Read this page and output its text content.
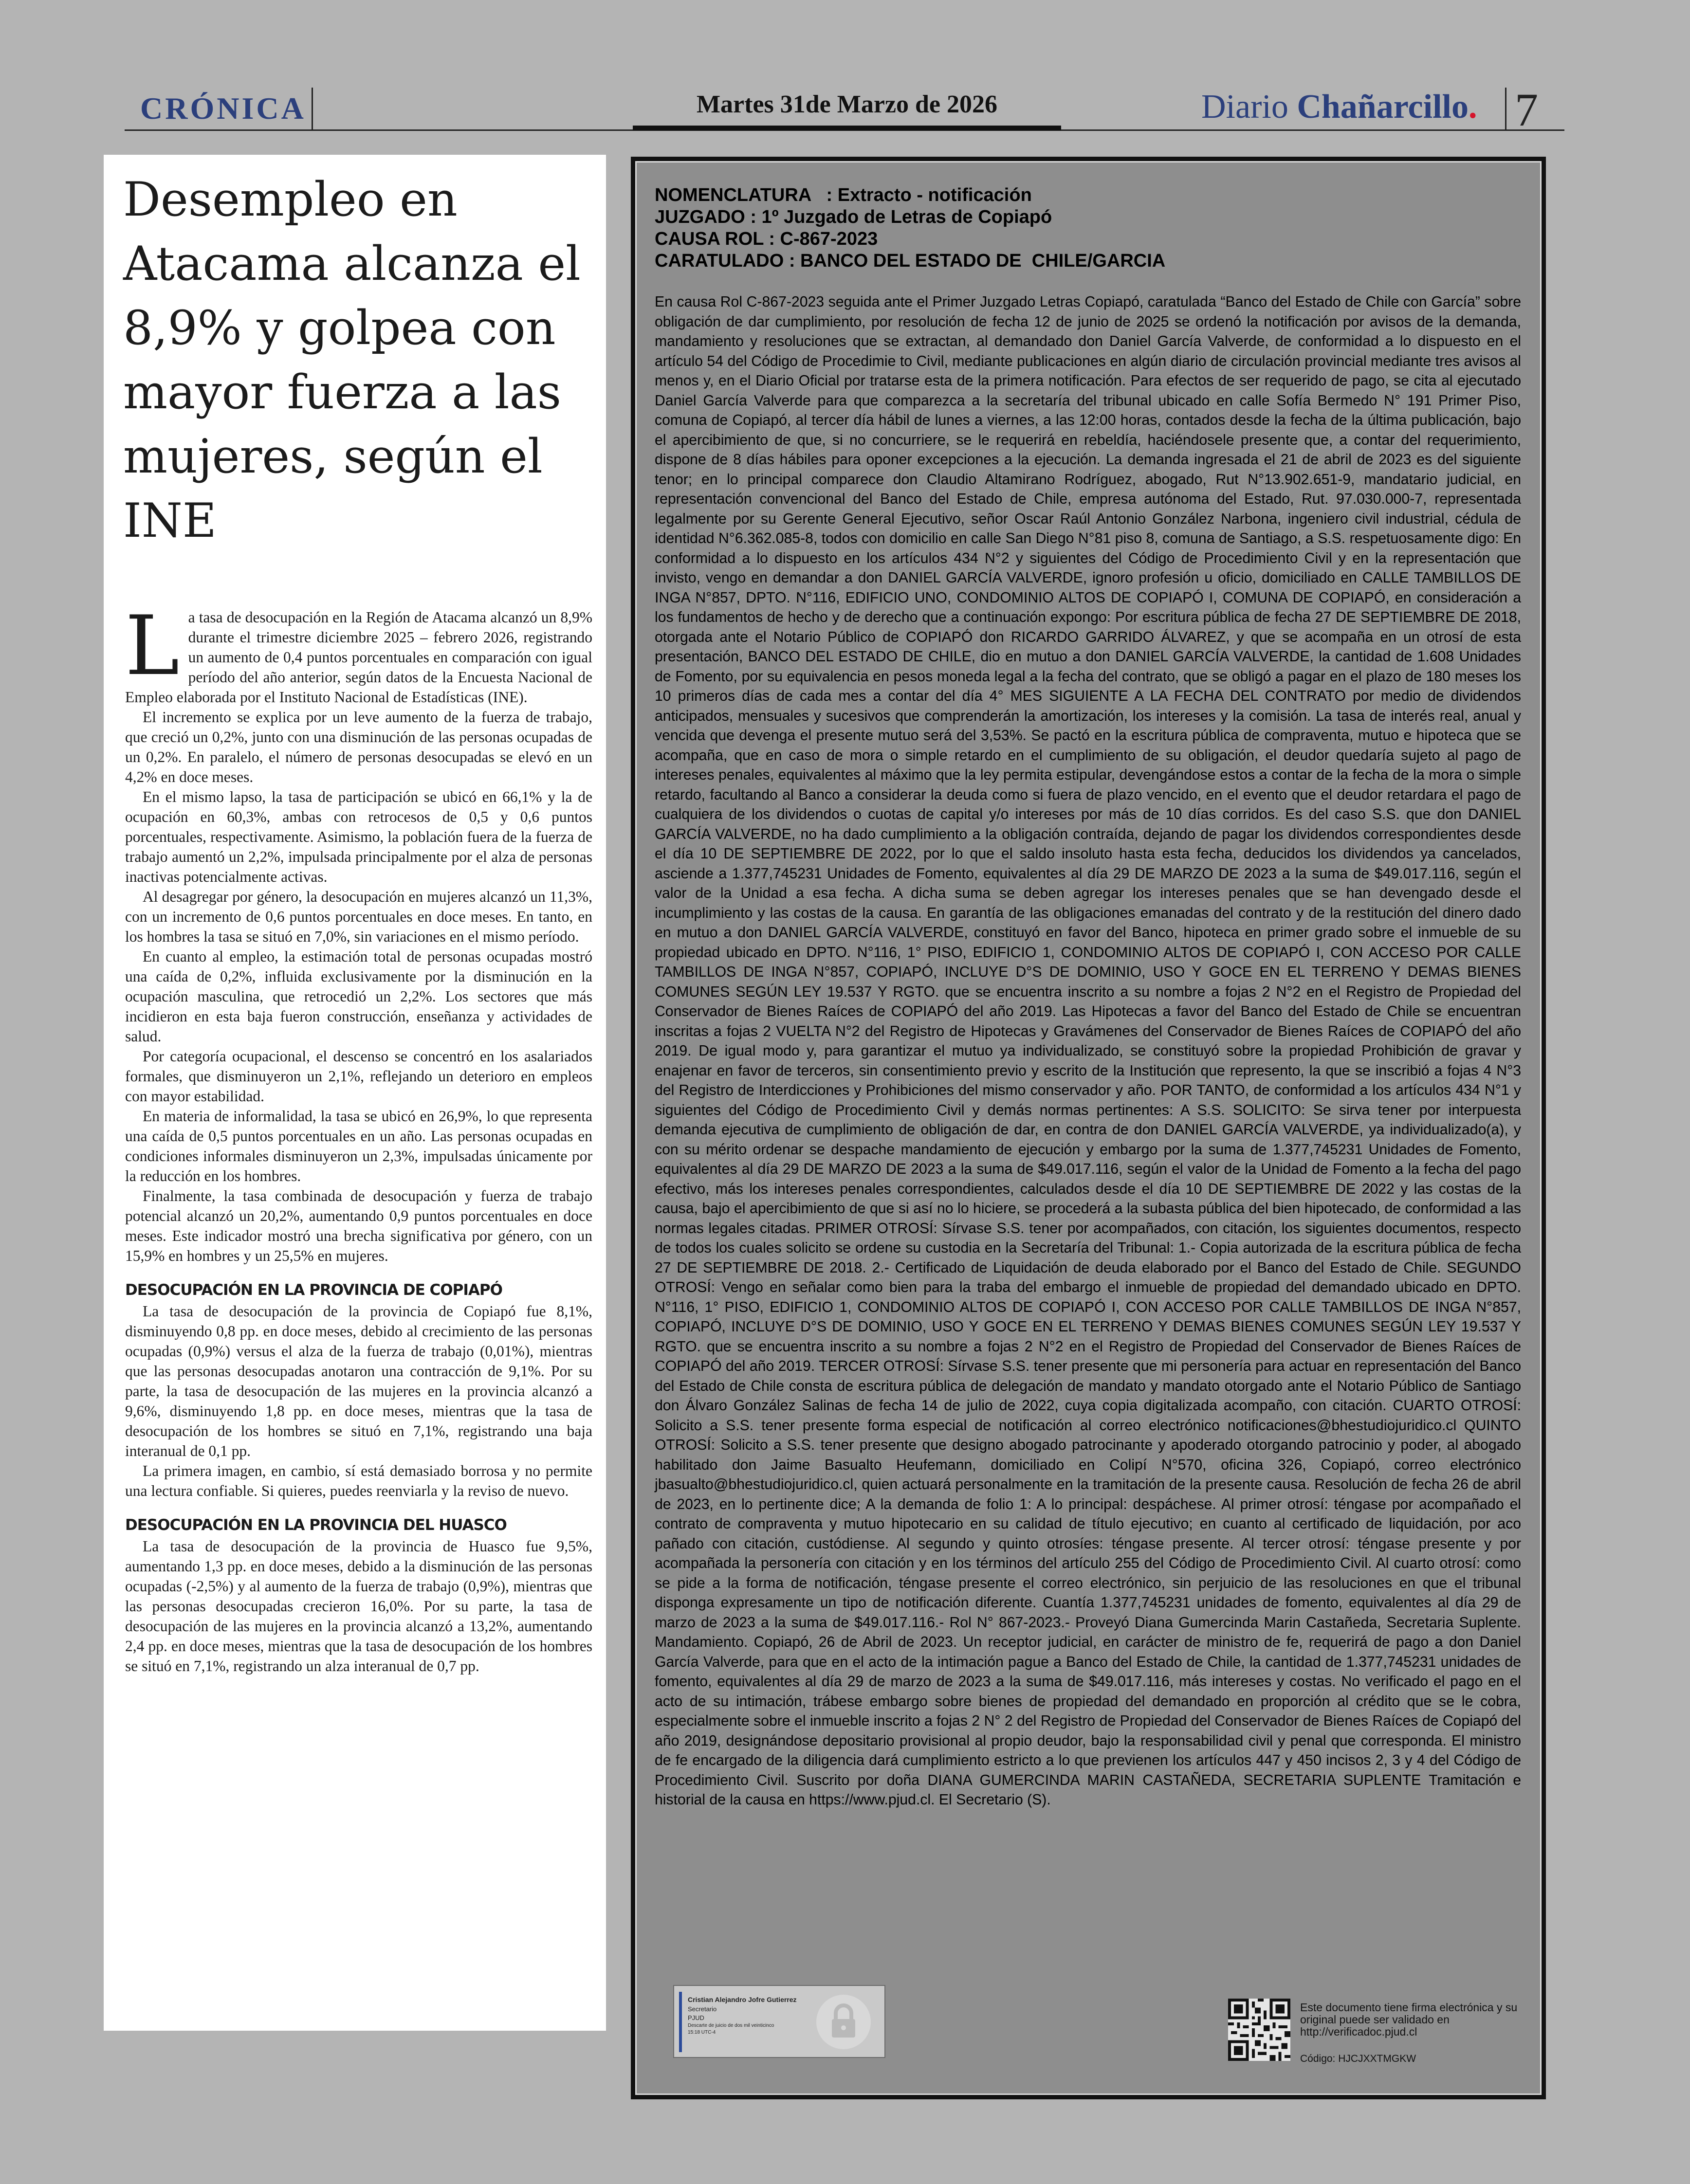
CRÓNICA	Martes 31de Marzo de 2026	Diario Chañarcillo. 7
Desempleo en Atacama alcanza el 8,9% y golpea con mayor fuerza a las mujeres, según el INE

La tasa de desocupación en la Región de Atacama alcanzó un 8,9% durante el trimestre diciembre 2025 – febrero 2026, registrando un aumento de 0,4 puntos porcentuales en comparación con igual período del año anterior, según datos de la Encuesta Nacional de Empleo elaborada por el Instituto Nacional de Estadísticas (INE).

El incremento se explica por un leve aumento de la fuerza de trabajo, que creció un 0,2%, junto con una disminución de las personas ocupadas de un 0,2%. En paralelo, el número de personas desocupadas se elevó en un 4,2% en doce meses.

En el mismo lapso, la tasa de participación se ubicó en 66,1% y la de ocupación en 60,3%, ambas con retrocesos de 0,5 y 0,6 puntos porcentuales, respectivamente. Asimismo, la población fuera de la fuerza de trabajo aumentó un 2,2%, impulsada principalmente por el alza de personas inactivas potencialmente activas.

Al desagregar por género, la desocupación en mujeres alcanzó un 11,3%, con un incremento de 0,6 puntos porcentuales en doce meses. En tanto, en los hombres la tasa se situó en 7,0%, sin variaciones en el mismo período.

En cuanto al empleo, la estimación total de personas ocupadas mostró una caída de 0,2%, influida exclusivamente por la disminución en la ocupación masculina, que retrocedió un 2,2%. Los sectores que más incidieron en esta baja fueron construcción, enseñanza y actividades de salud.

Por categoría ocupacional, el descenso se concentró en los asalariados formales, que disminuyeron un 2,1%, reflejando un deterioro en empleos con mayor estabilidad.

En materia de informalidad, la tasa se ubicó en 26,9%, lo que representa una caída de 0,5 puntos porcentuales en un año. Las personas ocupadas en condiciones informales disminuyeron un 2,3%, impulsadas únicamente por la reducción en los hombres.

Finalmente, la tasa combinada de desocupación y fuerza de trabajo potencial alcanzó un 20,2%, aumentando 0,9 puntos porcentuales en doce meses. Este indicador mostró una brecha significativa por género, con un 15,9% en hombres y un 25,5% en mujeres.

DESOCUPACIÓN EN LA PROVINCIA DE COPIAPÓ

La tasa de desocupación de la provincia de Copiapó fue 8,1%, disminuyendo 0,8 pp. en doce meses, debido al crecimiento de las personas ocupadas (0,9%) versus el alza de la fuerza de trabajo (0,01%), mientras que las personas desocupadas anotaron una contracción de 9,1%. Por su parte, la tasa de desocupación de las mujeres en la provincia alcanzó a 9,6%, disminuyendo 1,8 pp. en doce meses, mientras que la tasa de desocupación de los hombres se situó en 7,1%, registrando una baja interanual de 0,1 pp.

La primera imagen, en cambio, sí está demasiado borrosa y no permite una lectura confiable. Si quieres, puedes reenviarla y la reviso de nuevo.

DESOCUPACIÓN EN LA PROVINCIA DEL HUASCO

La tasa de desocupación de la provincia de Huasco fue 9,5%, aumentando 1,3 pp. en doce meses, debido a la disminución de las personas ocupadas (-2,5%) y al aumento de la fuerza de trabajo (0,9%), mientras que las personas desocupadas crecieron 16,0%. Por su parte, la tasa de desocupación de las mujeres en la provincia alcanzó a 13,2%, aumentando 2,4 pp. en doce meses, mientras que la tasa de desocupación de los hombres se situó en 7,1%, registrando un alza interanual de 0,7 pp.

NOMENCLATURA   : Extracto - notificación
JUZGADO : 1º Juzgado de Letras de Copiapó
CAUSA ROL : C-867-2023
CARATULADO : BANCO DEL ESTADO DE  CHILE/GARCIA
En causa Rol C-867-2023 seguida ante el Primer Juzgado Letras Copiapó, caratulada “Banco del Estado de Chile con García” sobre obligación de dar cumplimiento, por resolución de fecha 12 de junio de 2025 se ordenó la notificación por avisos de la demanda, mandamiento y resoluciones que se extractan, al demandado don Daniel García Valverde, de conformidad a lo dispuesto en el artículo 54 del Código de Procedimie to Civil, mediante publicaciones en algún diario de circulación provincial mediante tres avisos al menos y, en el Diario Oficial por tratarse esta de la primera notificación. Para efectos de ser requerido de pago, se cita al ejecutado Daniel García Valverde para que comparezca a la secretaría del tribunal ubicado en calle Sofía Bermedo N° 191 Primer Piso, comuna de Copiapó, al tercer día hábil de lunes a viernes, a las 12:00 horas, contados desde la fecha de la última publicación, bajo el apercibimiento de que, si no concurriere, se le requerirá en rebeldía, haciéndosele presente que, a contar del requerimiento, dispone de 8 días hábiles para oponer excepciones a la ejecución. La demanda ingresada el 21 de abril de 2023 es del siguiente tenor; en lo principal comparece don Claudio Altamirano Rodríguez, abogado, Rut N°13.902.651-9, mandatario judicial, en representación convencional del Banco del Estado de Chile, empresa autónoma del Estado, Rut. 97.030.000-7, representada legalmente por su Gerente General Ejecutivo, señor Oscar Raúl Antonio González Narbona, ingeniero civil industrial, cédula de identidad N°6.362.085-8, todos con domicilio en calle San Diego N°81 piso 8, comuna de Santiago, a S.S. respetuosamente digo: En conformidad a lo dispuesto en los artículos 434 N°2 y siguientes del Código de Procedimiento Civil y en la representación que invisto, vengo en demandar a don DANIEL GARCÍA VALVERDE, ignoro profesión u oficio, domiciliado en CALLE TAMBILLOS DE INGA N°857, DPTO. N°116, EDIFICIO UNO, CONDOMINIO ALTOS DE COPIAPÓ I, COMUNA DE COPIAPÓ, en consideración a los fundamentos de hecho y de derecho que a continuación expongo: Por escritura pública de fecha 27 DE SEPTIEMBRE DE 2018, otorgada ante el Notario Público de COPIAPÓ don RICARDO GARRIDO ÁLVAREZ, y que se acompaña en un otrosí de esta presentación, BANCO DEL ESTADO DE CHILE, dio en mutuo a don DANIEL GARCÍA VALVERDE, la cantidad de 1.608 Unidades de Fomento, por su equivalencia en pesos moneda legal a la fecha del contrato, que se obligó a pagar en el plazo de 180 meses los 10 primeros días de cada mes a contar del día 4° MES SIGUIENTE A LA FECHA DEL CONTRATO por medio de dividendos anticipados, mensuales y sucesivos que comprenderán la amortización, los intereses y la comisión. La tasa de interés real, anual y vencida que devenga el presente mutuo será del 3,53%. Se pactó en la escritura pública de compraventa, mutuo e hipoteca que se acompaña, que en caso de mora o simple retardo en el cumplimiento de su obligación, el deudor quedaría sujeto al pago de intereses penales, equivalentes al máximo que la ley permita estipular, devengándose estos a contar de la fecha de la mora o simple retardo, facultando al Banco a considerar la deuda como si fuera de plazo vencido, en el evento que el deudor retardara el pago de cualquiera de los dividendos o cuotas de capital y/o intereses por más de 10 días corridos. Es del caso S.S. que don DANIEL GARCÍA VALVERDE, no ha dado cumplimiento a la obligación contraída, dejando de pagar los dividendos correspondientes desde el día 10 DE SEPTIEMBRE DE 2022, por lo que el saldo insoluto hasta esta fecha, deducidos los dividendos ya cancelados, asciende a 1.377,745231 Unidades de Fomento, equivalentes al día 29 DE MARZO DE 2023 a la suma de $49.017.116, según el valor de la Unidad a esa fecha. A dicha suma se deben agregar los intereses penales que se han devengado desde el incumplimiento y las costas de la causa. En garantía de las obligaciones emanadas del contrato y de la restitución del dinero dado en mutuo a don DANIEL GARCÍA VALVERDE, constituyó en favor del Banco, hipoteca en primer grado sobre el inmueble de su propiedad ubicado en DPTO. N°116, 1° PISO, EDIFICIO 1, CONDOMINIO ALTOS DE COPIAPÓ I, CON ACCESO POR CALLE TAMBILLOS DE INGA N°857, COPIAPÓ, INCLUYE D°S DE DOMINIO, USO Y GOCE EN EL TERRENO Y DEMAS BIENES COMUNES SEGÚN LEY 19.537 Y RGTO. que se encuentra inscrito a su nombre a fojas 2 N°2 en el Registro de Propiedad del Conservador de Bienes Raíces de COPIAPÓ del año 2019. Las Hipotecas a favor del Banco del Estado de Chile se encuentran inscritas a fojas 2 VUELTA N°2 del Registro de Hipotecas y Gravámenes del Conservador de Bienes Raíces de COPIAPÓ del año 2019. De igual modo y, para garantizar el mutuo ya individualizado, se constituyó sobre la propiedad Prohibición de gravar y enajenar en favor de terceros, sin consentimiento previo y escrito de la Institución que represento, la que se inscribió a fojas 4 N°3 del Registro de Interdicciones y Prohibiciones del mismo conservador y año. POR TANTO, de conformidad a los artículos 434 N°1 y siguientes del Código de Procedimiento Civil y demás normas pertinentes: A S.S. SOLICITO: Se sirva tener por interpuesta demanda ejecutiva de cumplimiento de obligación de dar, en contra de don DANIEL GARCÍA VALVERDE, ya individualizado(a), y con su mérito ordenar se despache mandamiento de ejecución y embargo por la suma de 1.377,745231 Unidades de Fomento, equivalentes al día 29 DE MARZO DE 2023 a la suma de $49.017.116, según el valor de la Unidad de Fomento a la fecha del pago efectivo, más los intereses penales correspondientes, calculados desde el día 10 DE SEPTIEMBRE DE 2022 y las costas de la causa, bajo el apercibimiento de que si así no lo hiciere, se procederá a la subasta pública del bien hipotecado, de conformidad a las normas legales citadas. PRIMER OTROSÍ: Sírvase S.S. tener por acompañados, con citación, los siguientes documentos, respecto de todos los cuales solicito se ordene su custodia en la Secretaría del Tribunal: 1.- Copia autorizada de la escritura pública de fecha 27 DE SEPTIEMBRE DE 2018. 2.- Certificado de Liquidación de deuda elaborado por el Banco del Estado de Chile. SEGUNDO OTROSÍ: Vengo en señalar como bien para la traba del embargo el inmueble de propiedad del demandado ubicado en DPTO. N°116, 1° PISO, EDIFICIO 1, CONDOMINIO ALTOS DE COPIAPÓ I, CON ACCESO POR CALLE TAMBILLOS DE INGA N°857, COPIAPÓ, INCLUYE D°S DE DOMINIO, USO Y GOCE EN EL TERRENO Y DEMAS BIENES COMUNES SEGÚN LEY 19.537 Y RGTO. que se encuentra inscrito a su nombre a fojas 2 N°2 en el Registro de Propiedad del Conservador de Bienes Raíces de COPIAPÓ del año 2019. TERCER OTROSÍ: Sírvase S.S. tener presente que mi personería para actuar en representación del Banco del Estado de Chile consta de escritura pública de delegación de mandato y mandato otorgado ante el Notario Público de Santiago don Álvaro González Salinas de fecha 14 de julio de 2022, cuya copia digitalizada acompaño, con citación. CUARTO OTROSÍ: Solicito a S.S. tener presente forma especial de notificación al correo electrónico notificaciones@bhestudiojuridico.cl QUINTO OTROSÍ: Solicito a S.S. tener presente que designo abogado patrocinante y apoderado otorgando patrocinio y poder, al abogado habilitado don Jaime Basualto Heufemann, domiciliado en Colipí N°570, oficina 326, Copiapó, correo electrónico jbasualto@bhestudiojuridico.cl, quien actuará personalmente en la tramitación de la presente causa. Resolución de fecha 26 de abril de 2023, en lo pertinente dice; A la demanda de folio 1: A lo principal: despáchese. Al primer otrosí: téngase por acompañado el contrato de compraventa y mutuo hipotecario en su calidad de título ejecutivo; en cuanto al certificado de liquidación, por aco pañado con citación, custódiense. Al segundo y quinto otrosíes: téngase presente. Al tercer otrosí: téngase presente y por acompañada la personería con citación y en los términos del artículo 255 del Código de Procedimiento Civil. Al cuarto otrosí: como se pide a la forma de notificación, téngase presente el correo electrónico, sin perjuicio de las resoluciones en que el tribunal disponga expresamente un tipo de notificación diferente. Cuantía 1.377,745231 unidades de fomento, equivalentes al día 29 de marzo de 2023 a la suma de $49.017.116.- Rol N° 867-2023.- Proveyó Diana Gumercinda Marin Castañeda, Secretaria Suplente. Mandamiento. Copiapó, 26 de Abril de 2023. Un receptor judicial, en carácter de ministro de fe, requerirá de pago a don Daniel García Valverde, para que en el acto de la intimación pague a Banco del Estado de Chile, la cantidad de 1.377,745231 unidades de fomento, equivalentes al día 29 de marzo de 2023 a la suma de $49.017.116, más intereses y costas. No verificado el pago en el acto de su intimación, trábese embargo sobre bienes de propiedad del demandado en proporción al crédito que se le cobra, especialmente sobre el inmueble inscrito a fojas 2 N° 2 del Registro de Propiedad del Conservador de Bienes Raíces de Copiapó del año 2019, designándose depositario provisional al propio deudor, bajo la responsabilidad civil y penal que corresponda. El ministro de fe encargado de la diligencia dará cumplimiento estricto a lo que previenen los artículos 447 y 450 incisos 2, 3 y 4 del Código de Procedimiento Civil. Suscrito por doña DIANA GUMERCINDA MARIN CASTAÑEDA, SECRETARIA SUPLENTE Tramitación e historial de la causa en https://www.pjud.cl. El Secretario (S).
Cristian Alejandro Jofre Gutierrez
Secretario
PJUD
Descarte de juicio de dos mil veinticinco
15:18 UTC-4
Este documento tiene firma electrónica y su original puede ser validado en http://verificadoc.pjud.cl
Código: HJCJXXTMGKW
